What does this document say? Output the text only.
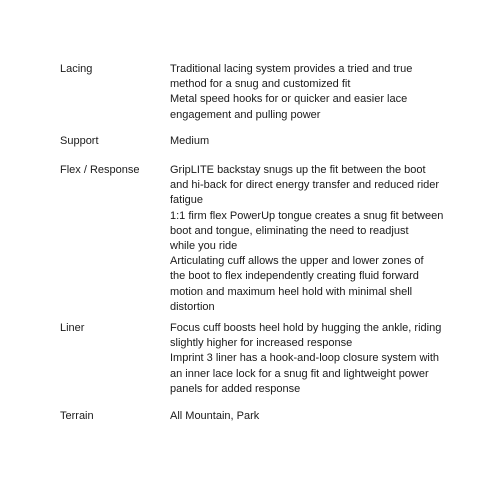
Lacing	Traditional lacing system provides a tried and true
method for a snug and customized fit
Metal speed hooks for or quicker and easier lace
engagement and pulling power
Support	Medium
Flex / Response	GripLITE backstay snugs up the fit between the boot
and hi-back for direct energy transfer and reduced rider
fatigue
1:1 firm flex PowerUp tongue creates a snug fit between
boot and tongue, eliminating the need to readjust
while you ride
Articulating cuff allows the upper and lower zones of
the boot to flex independently creating fluid forward
motion and maximum heel hold with minimal shell
distortion
Liner	Focus cuff boosts heel hold by hugging the ankle, riding
slightly higher for increased response
Imprint 3 liner has a hook-and-loop closure system with
an inner lace lock for a snug fit and lightweight power
panels for added response
Terrain	All Mountain, Park
